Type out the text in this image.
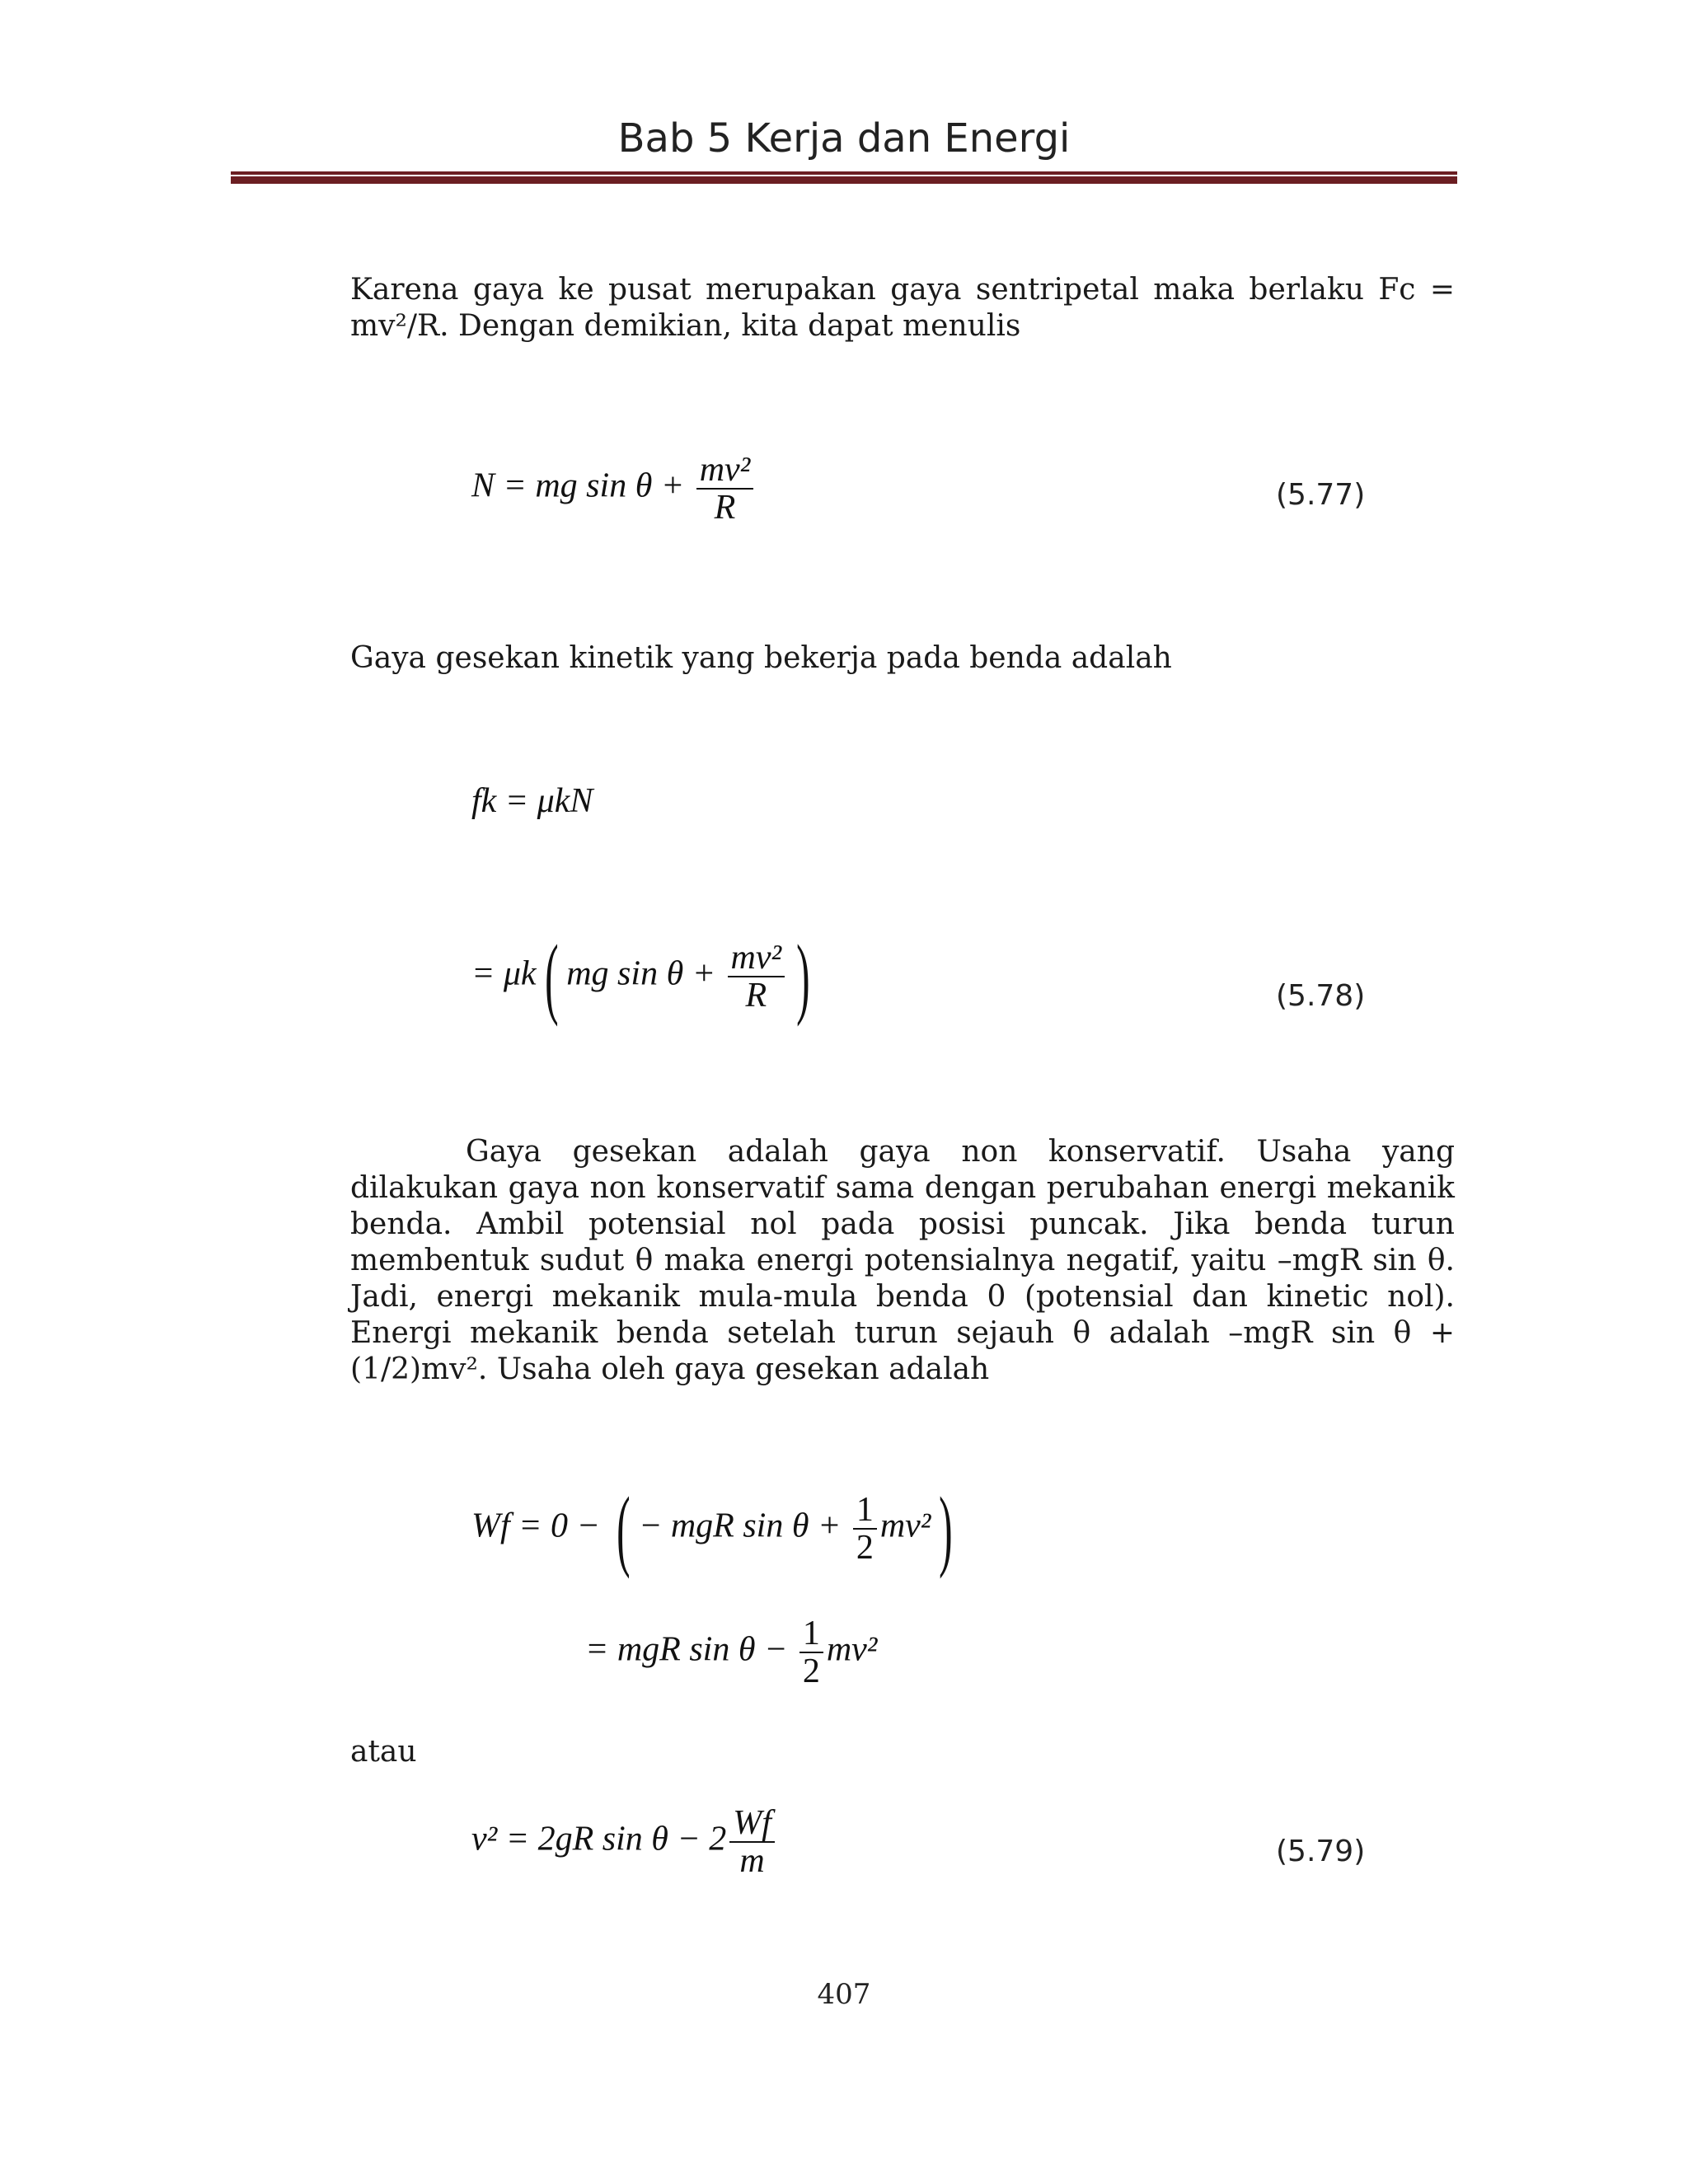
Bab 5 Kerja dan Energi
Karena gaya ke pusat merupakan gaya sentripetal maka berlaku Fc = mv²/R. Dengan demikian, kita dapat menulis
N = mg $\sin \theta + \frac{\text{mv²}}{R}$	(5.77)
Gaya gesekan kinetik yang bekerja pada benda adalah
fk = μkN
= μk( mg $\sin \theta + \frac{\text{mv²}}{R}$ )	(5.78)
Gaya gesekan adalah gaya non konservatif. Usaha yang dilakukan gaya non konservatif sama dengan perubahan energi mekanik benda. Ambil potensial nol pada posisi puncak. Jika benda turun membentuk sudut θ maka energi potensialnya negatif, yaitu –mgR sin θ. Jadi, energi mekanik mula-mula benda 0 (potensial dan kinetic nol). Energi mekanik benda setelah turun sejauh θ adalah –mgR sin θ + (1/2)mv². Usaha oleh gaya gesekan adalah
Wf = 0 − ( − mgR $\sin \theta + \frac{1}{2} mv^2$)
= mgR $\sin \theta - \frac{1}{2} mv^2$
atau
v² = 2gR $\sin \theta - 2 \frac{Wf}{m}$	(5.79)
407
